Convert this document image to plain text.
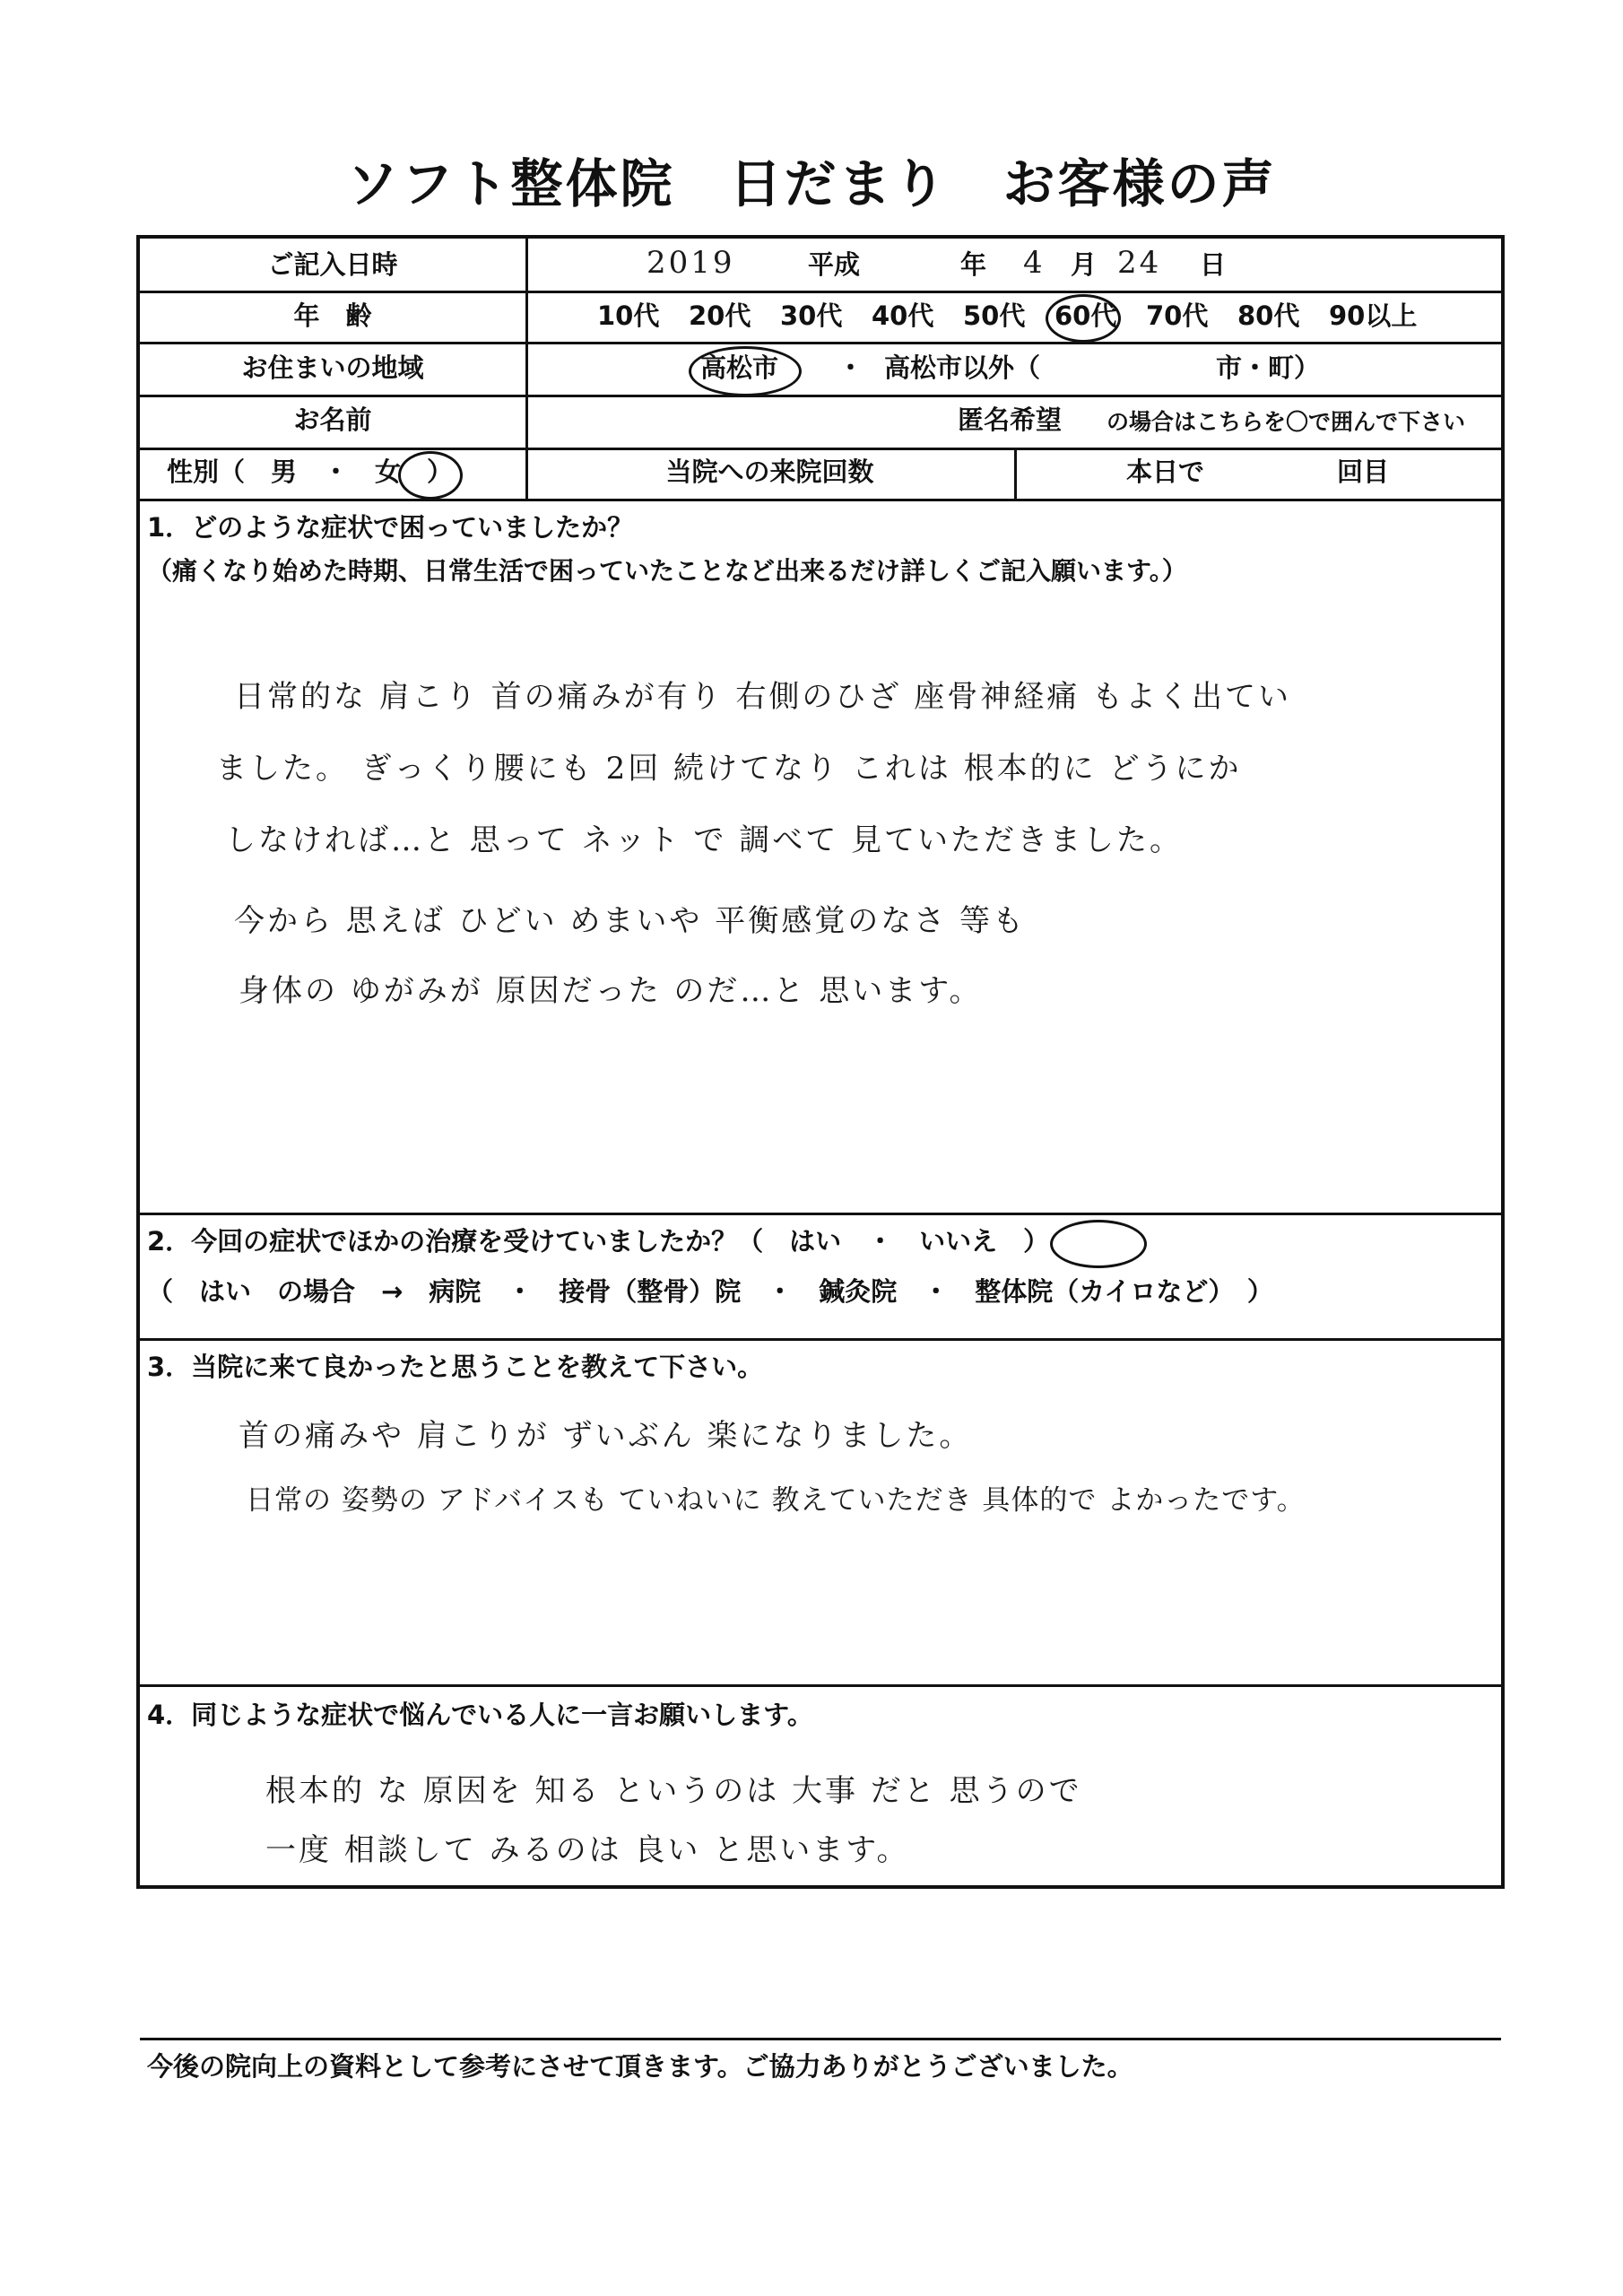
ソフト整体院　日だまり　お客様の声
ご記入日時	2019	平成	年 4 月 24 日
年　齢	10代 20代 30代 40代 50代 60代 70代 80代 90以上
お住まいの地域	高松市 ・ 高松市以外（	市・町）
お名前	匿名希望 の場合はこちらを〇で囲んで下さい
性別（　男　・　女　）	当院への来院回数	本日で	回目
1．どのような症状で困っていましたか？
（痛くなり始めた時期、日常生活で困っていたことなど出来るだけ詳しくご記入願います。）
日常的な 肩こり 首の痛みが有り 右側のひざ 座骨神経痛 もよく出てい
ました。 ぎっくり腰にも 2回 続けてなり これは 根本的に どうにか
しなければ…と 思って ネット で 調べて 見ていただきました。
今から 思えば ひどい めまいや 平衡感覚のなさ 等も
身体の ゆがみが 原因だった のだ…と 思います。
2．今回の症状でほかの治療を受けていましたか？（　はい　・　いいえ　）
（　はい　の場合　→　病院　・　接骨（整骨）院　・　鍼灸院　・　整体院（カイロなど）　）
3．当院に来て良かったと思うことを教えて下さい。
首の痛みや 肩こりが ずいぶん 楽になりました。
日常の 姿勢の アドバイスも ていねいに 教えていただき 具体的で よかったです。
4．同じような症状で悩んでいる人に一言お願いします。
根本的 な 原因を 知る というのは 大事 だと 思うので
一度 相談して みるのは 良い と思います。
今後の院向上の資料として参考にさせて頂きます。ご協力ありがとうございました。
